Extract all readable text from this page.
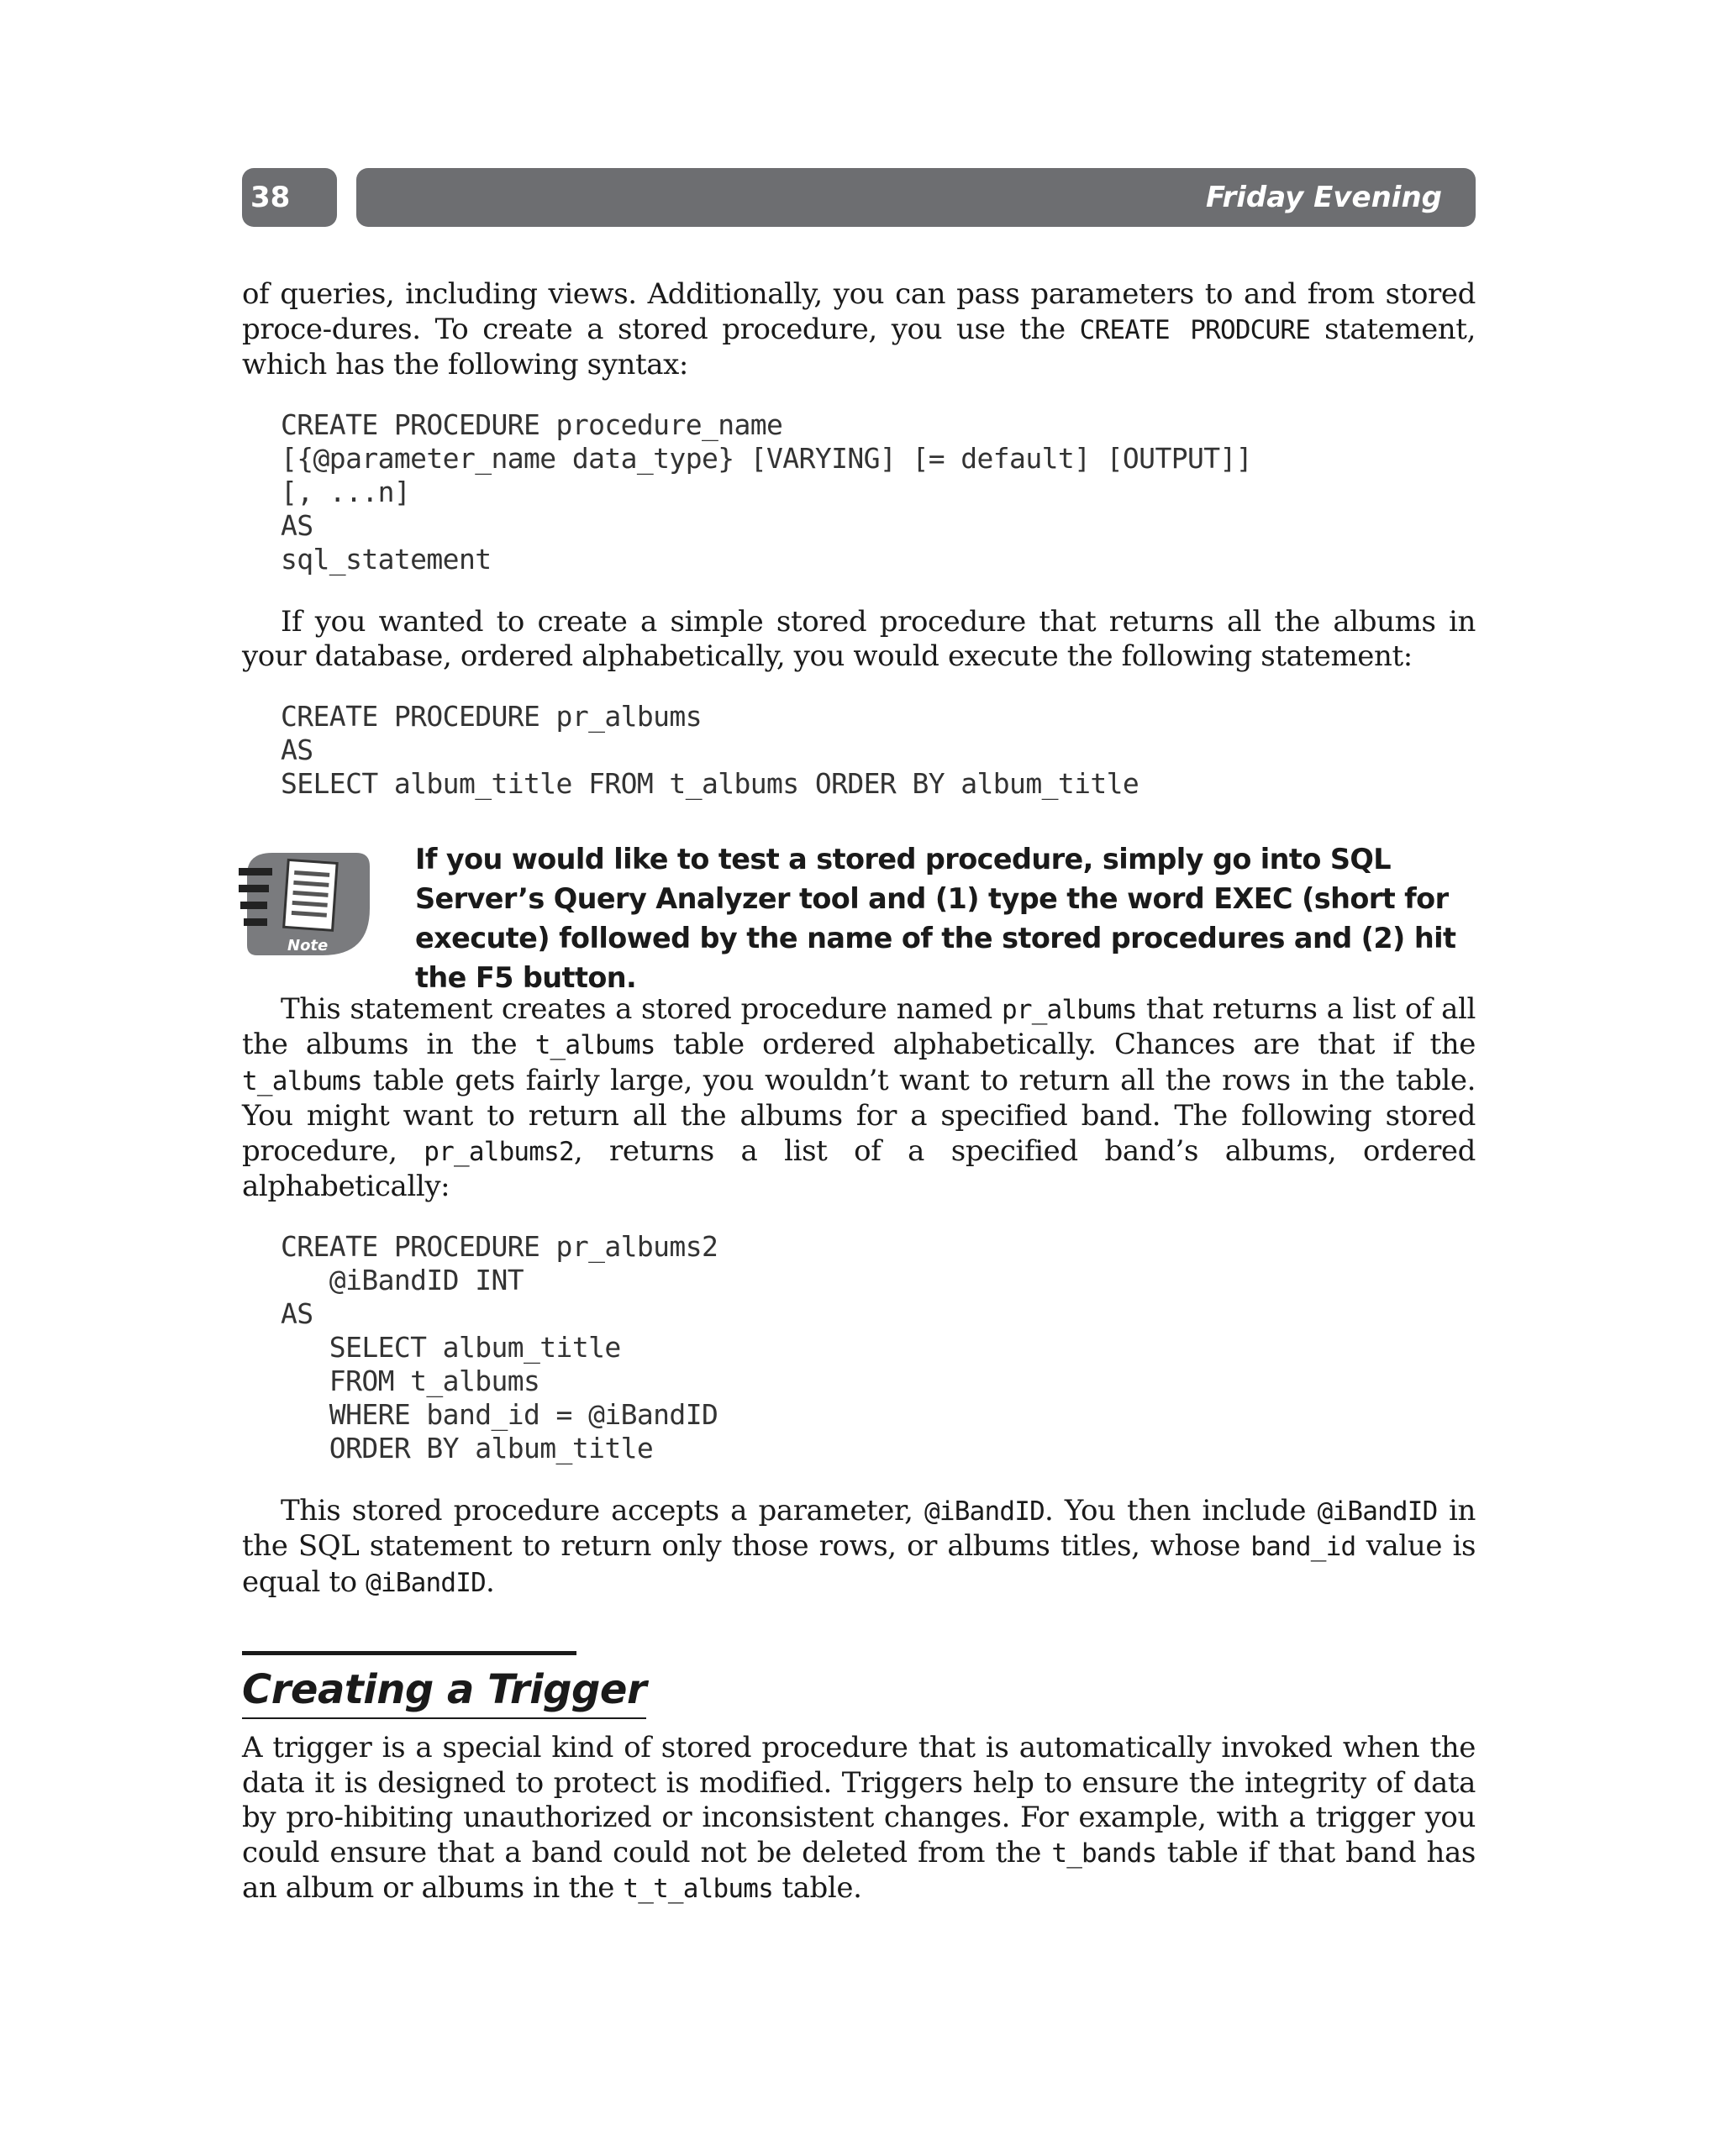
38	Friday Evening

of queries, including views. Additionally, you can pass parameters to and from stored proce-dures. To create a stored procedure, you use the CREATE PRODCURE statement, which has the following syntax:

CREATE PROCEDURE procedure_name
[{@parameter_name data_type} [VARYING] [= default] [OUTPUT]]
[, ...n]
AS
sql_statement

If you wanted to create a simple stored procedure that returns all the albums in your database, ordered alphabetically, you would execute the following statement:

CREATE PROCEDURE pr_albums
AS
SELECT album_title FROM t_albums ORDER BY album_title
Note
If you would like to test a stored procedure, simply go into SQL Server’s Query Analyzer tool and (1) type the word EXEC (short for execute) followed by the name of the stored procedures and (2) hit the F5 button.

This statement creates a stored procedure named pr_albums that returns a list of all the albums in the t_albums table ordered alphabetically. Chances are that if the t_albums table gets fairly large, you wouldn’t want to return all the rows in the table. You might want to return all the albums for a specified band. The following stored procedure, pr_albums2, returns a list of a specified band’s albums, ordered alphabetically:

CREATE PROCEDURE pr_albums2
@iBandID INT
AS
SELECT album_title
FROM t_albums
WHERE band_id = @iBandID
ORDER BY album_title

This stored procedure accepts a parameter, @iBandID. You then include @iBandID in the SQL statement to return only those rows, or albums titles, whose band_id value is equal to @iBandID.

Creating a Trigger

A trigger is a special kind of stored procedure that is automatically invoked when the data it is designed to protect is modified. Triggers help to ensure the integrity of data by pro-hibiting unauthorized or inconsistent changes. For example, with a trigger you could ensure that a band could not be deleted from the t_bands table if that band has an album or albums in the t_t_albums table.
